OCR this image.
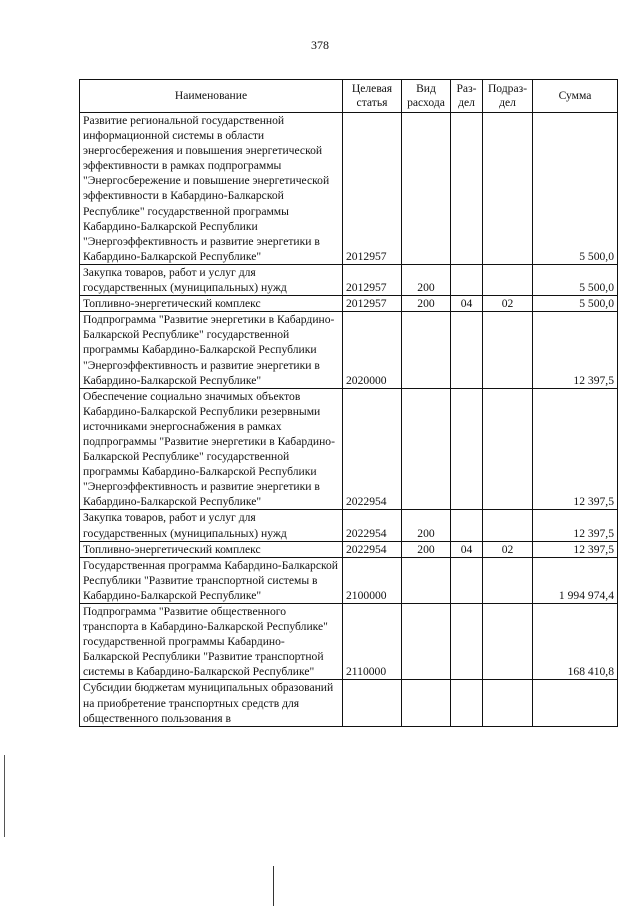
378
Наименование	Целевая статья	Вид расхода	Раз-дел	Подраз-дел	Сумма
Развитие региональной государственной информационной системы в области энергосбережения и повышения энергетической эффективности в рамках подпрограммы "Энергосбережение и повышение энергетической эффективности в Кабардино-Балкарской Республике" государственной программы Кабардино-Балкарской Республики "Энергоэффективность и развитие энергетики в Кабардино-Балкарской Республике"	2012957				5 500,0
Закупка товаров, работ и услуг для государственных (муниципальных) нужд	2012957	200			5 500,0
Топливно-энергетический комплекс	2012957	200	04	02	5 500,0
Подпрограмма "Развитие энергетики в Кабардино-Балкарской Республике" государственной программы Кабардино-Балкарской Республики "Энергоэффективность и развитие энергетики в Кабардино-Балкарской Республике"	2020000				12 397,5
Обеспечение социально значимых объектов Кабардино-Балкарской Республики резервными источниками энергоснабжения в рамках подпрограммы "Развитие энергетики в Кабардино-Балкарской Республике" государственной программы Кабардино-Балкарской Республики "Энергоэффективность и развитие энергетики в Кабардино-Балкарской Республике"	2022954				12 397,5
Закупка товаров, работ и услуг для государственных (муниципальных) нужд	2022954	200			12 397,5
Топливно-энергетический комплекс	2022954	200	04	02	12 397,5
Государственная программа Кабардино-Балкарской Республики "Развитие транспортной системы в Кабардино-Балкарской Республике"	2100000				1 994 974,4
Подпрограмма "Развитие общественного транспорта в Кабардино-Балкарской Республике" государственной программы Кабардино-Балкарской Республики "Развитие транспортной системы в Кабардино-Балкарской Республике"	2110000				168 410,8
Субсидии бюджетам муниципальных образований на приобретение транспортных средств для общественного пользования в					
